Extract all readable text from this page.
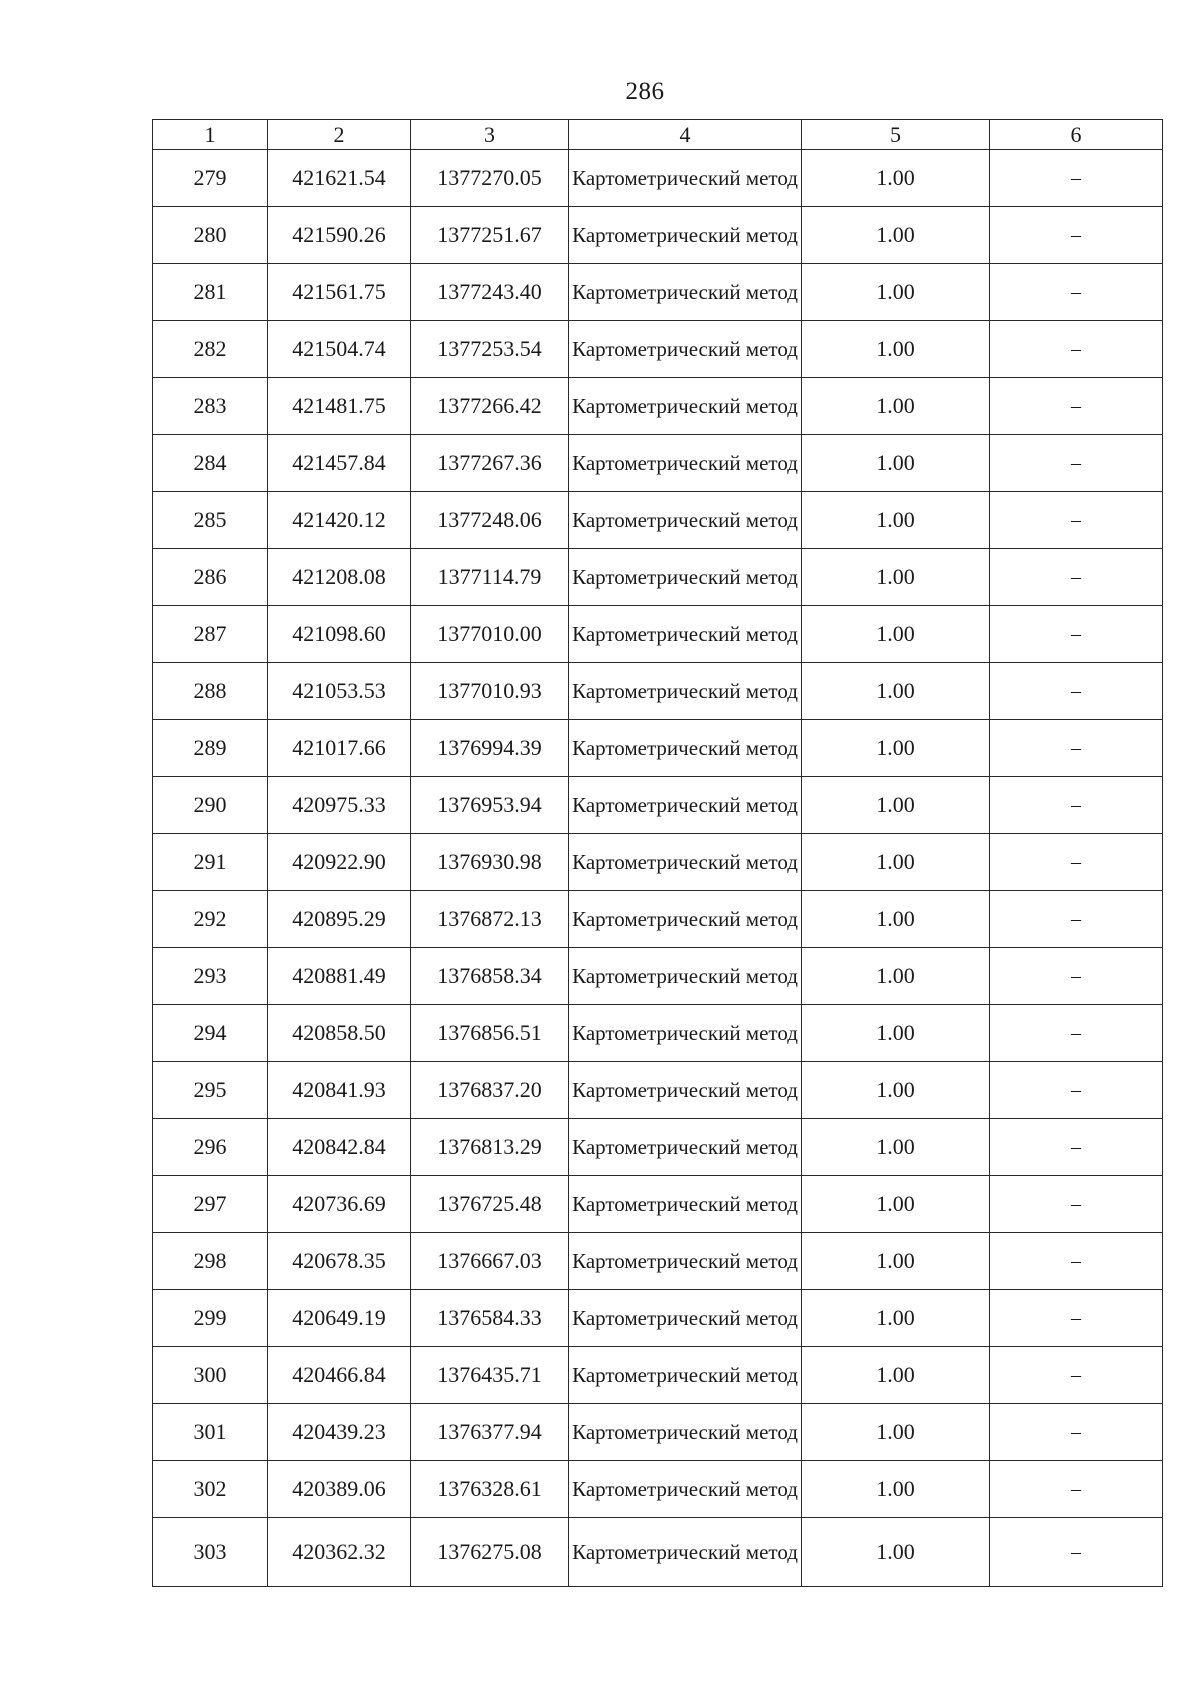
286
1	2	3	4	5	6
279	421621.54	1377270.05	Картометрический метод	1.00	–
280	421590.26	1377251.67	Картометрический метод	1.00	–
281	421561.75	1377243.40	Картометрический метод	1.00	–
282	421504.74	1377253.54	Картометрический метод	1.00	–
283	421481.75	1377266.42	Картометрический метод	1.00	–
284	421457.84	1377267.36	Картометрический метод	1.00	–
285	421420.12	1377248.06	Картометрический метод	1.00	–
286	421208.08	1377114.79	Картометрический метод	1.00	–
287	421098.60	1377010.00	Картометрический метод	1.00	–
288	421053.53	1377010.93	Картометрический метод	1.00	–
289	421017.66	1376994.39	Картометрический метод	1.00	–
290	420975.33	1376953.94	Картометрический метод	1.00	–
291	420922.90	1376930.98	Картометрический метод	1.00	–
292	420895.29	1376872.13	Картометрический метод	1.00	–
293	420881.49	1376858.34	Картометрический метод	1.00	–
294	420858.50	1376856.51	Картометрический метод	1.00	–
295	420841.93	1376837.20	Картометрический метод	1.00	–
296	420842.84	1376813.29	Картометрический метод	1.00	–
297	420736.69	1376725.48	Картометрический метод	1.00	–
298	420678.35	1376667.03	Картометрический метод	1.00	–
299	420649.19	1376584.33	Картометрический метод	1.00	–
300	420466.84	1376435.71	Картометрический метод	1.00	–
301	420439.23	1376377.94	Картометрический метод	1.00	–
302	420389.06	1376328.61	Картометрический метод	1.00	–
303	420362.32	1376275.08	Картометрический метод	1.00	–
